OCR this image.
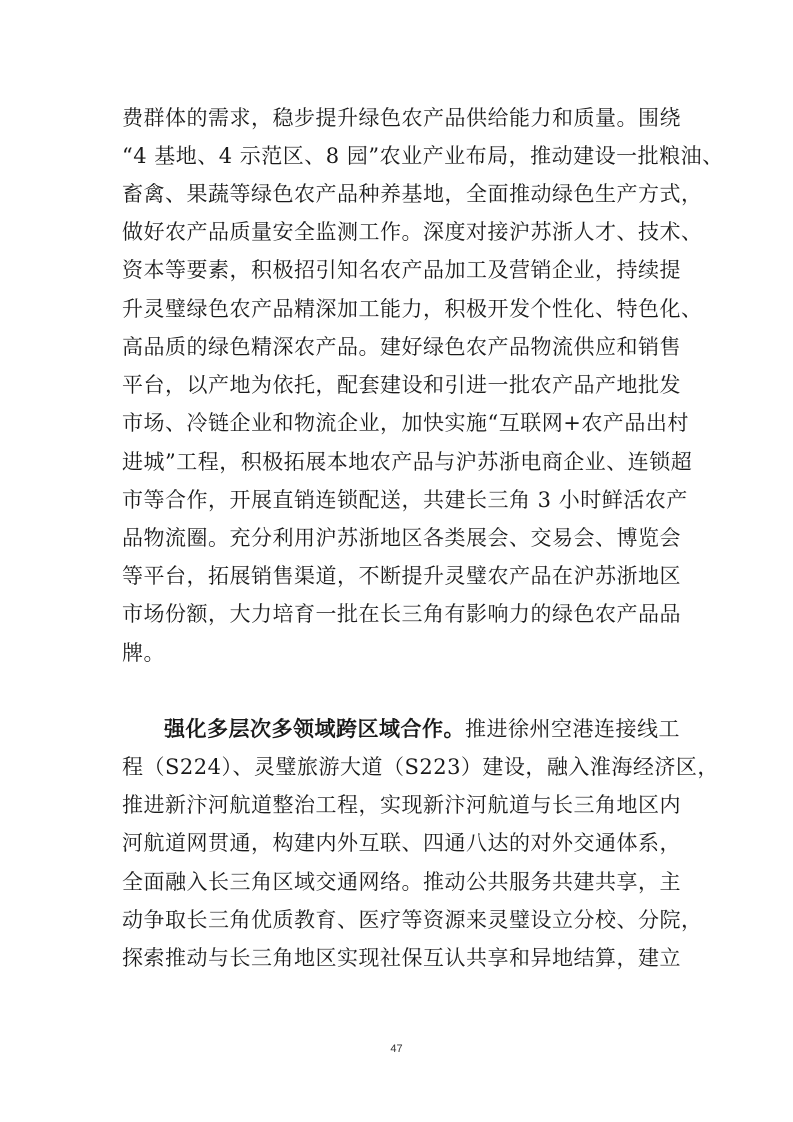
费群体的需求，稳步提升绿色农产品供给能力和质量。围绕
“4 基地、4 示范区、8 园”农业产业布局，推动建设一批粮油、
畜禽、果蔬等绿色农产品种养基地，全面推动绿色生产方式，
做好农产品质量安全监测工作。深度对接沪苏浙人才、技术、
资本等要素，积极招引知名农产品加工及营销企业，持续提
升灵璧绿色农产品精深加工能力，积极开发个性化、特色化、
高品质的绿色精深农产品。建好绿色农产品物流供应和销售
平台，以产地为依托，配套建设和引进一批农产品产地批发
市场、冷链企业和物流企业，加快实施“互联网+农产品出村
进城”工程，积极拓展本地农产品与沪苏浙电商企业、连锁超
市等合作，开展直销连锁配送，共建长三角 3 小时鲜活农产
品物流圈。充分利用沪苏浙地区各类展会、交易会、博览会
等平台，拓展销售渠道，不断提升灵璧农产品在沪苏浙地区
市场份额，大力培育一批在长三角有影响力的绿色农产品品
牌。
强化多层次多领域跨区域合作。推进徐州空港连接线工
程（S224）、灵璧旅游大道（S223）建设，融入淮海经济区，
推进新汴河航道整治工程，实现新汴河航道与长三角地区内
河航道网贯通，构建内外互联、四通八达的对外交通体系，
全面融入长三角区域交通网络。推动公共服务共建共享，主
动争取长三角优质教育、医疗等资源来灵璧设立分校、分院，
探索推动与长三角地区实现社保互认共享和异地结算，建立
47
